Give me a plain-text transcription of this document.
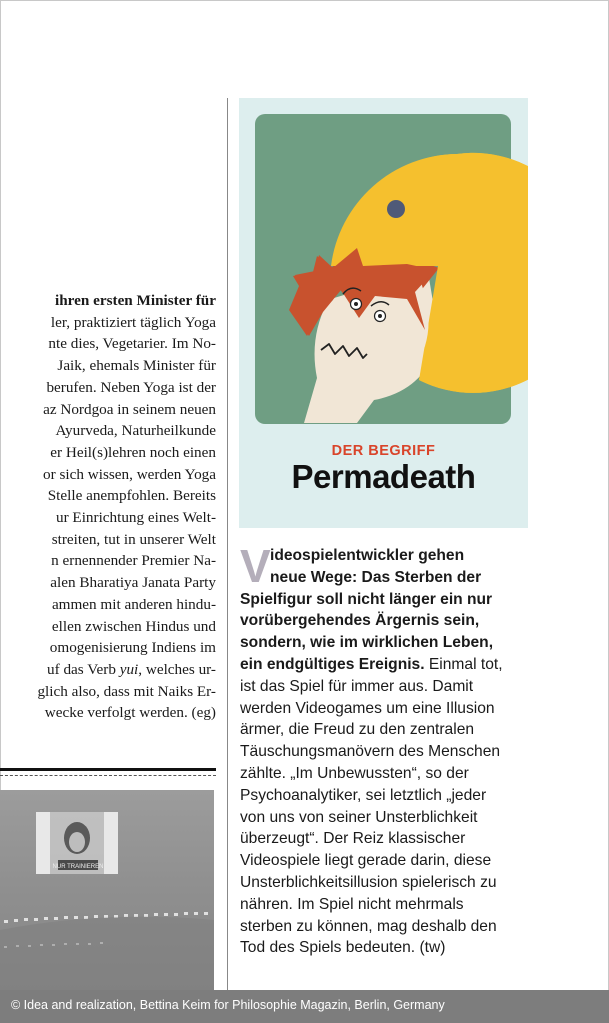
ihren ersten Minister für
ler, praktiziert täglich Yoga
nte dies, Vegetarier. Im No-
Jaik, ehemals Minister für
berufen. Neben Yoga ist der
az Nordgoa in seinem neuen
Ayurveda, Naturheilkunde
er Heil(s)lehren noch einen
or sich wissen, werden Yoga
Stelle anempfohlen. Bereits
ur Einrichtung eines Welt-
streiten, tut in unserer Welt
n ernennender Premier Na-
alen Bharatiya Janata Party
ammen mit anderen hindu-
ellen zwischen Hindus und
omogenisierung Indiens im
uf das Verb yui, welches ur-
glich also, dass mit Naiks Er-
wecke verfolgt werden. (eg)
NUR TRAINIEREN
DER BEGRIFF
Permadeath
V ideospielentwickler gehen
neue Wege: Das Sterben der
Spielfigur soll nicht länger ein nur
vorübergehendes Ärgernis sein,
sondern, wie im wirklichen Leben,
ein endgültiges Ereignis. Einmal tot,
ist das Spiel für immer aus. Damit
werden Videogames um eine Illusion
ärmer, die Freud zu den zentralen
Täuschungsmanövern des Menschen
zählte. „Im Unbewussten“, so der
Psychoanalytiker, sei letztlich „jeder
von uns von seiner Unsterblichkeit
überzeugt“. Der Reiz klassischer
Videospiele liegt gerade darin, diese
Unsterblichkeitsillusion spielerisch zu
nähren. Im Spiel nicht mehrmals
sterben zu können, mag deshalb den
Tod des Spiels bedeuten. (tw)
© Idea and realization, Bettina Keim for Philosophie Magazin, Berlin, Germany
